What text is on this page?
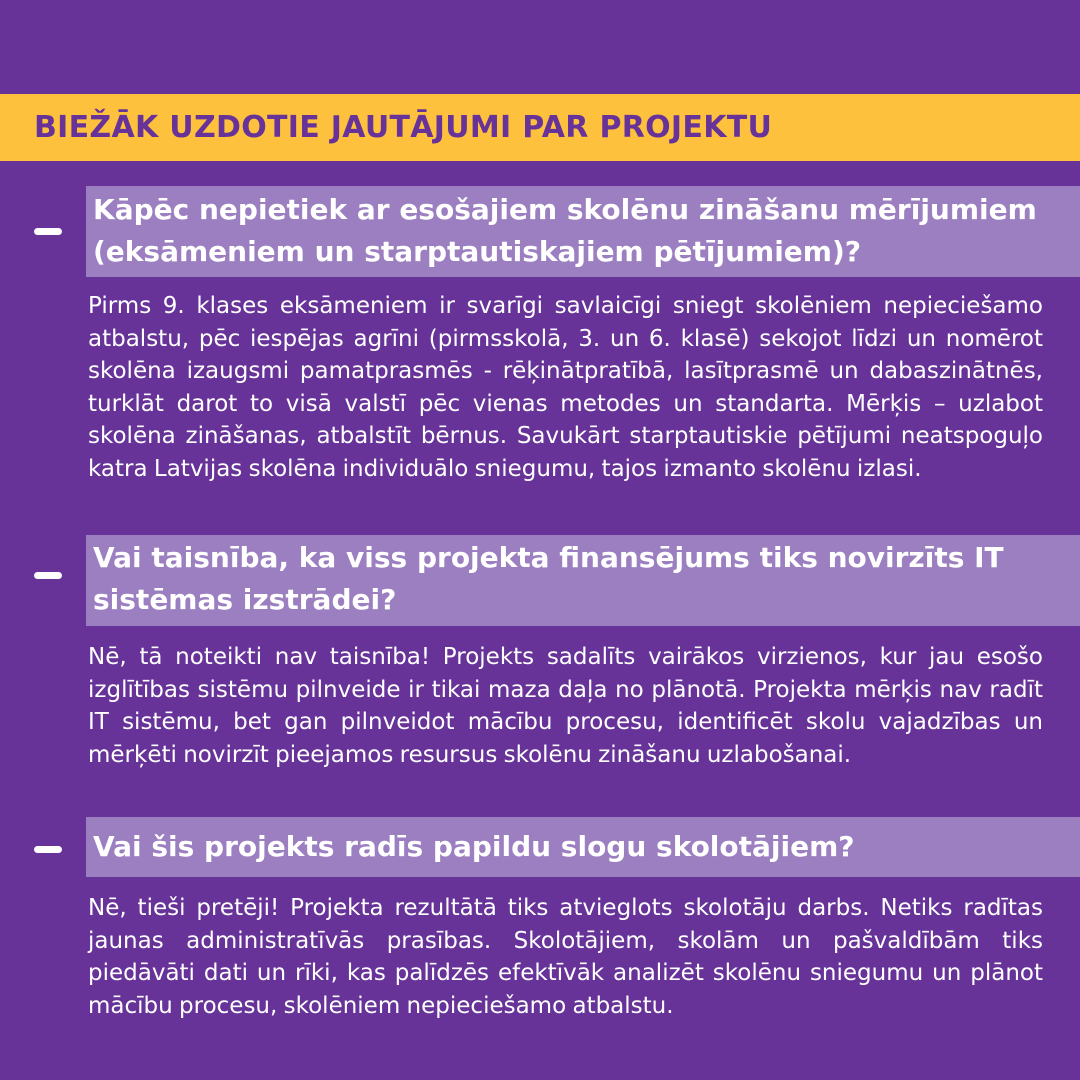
BIEŽĀK UZDOTIE JAUTĀJUMI PAR PROJEKTU

Kāpēc nepietiek ar esošajiem skolēnu zināšanu mērījumiem (eksāmeniem un starptautiskajiem pētījumiem)?

Pirms 9. klases eksāmeniem ir svarīgi savlaicīgi sniegt skolēniem nepieciešamo atbalstu, pēc iespējas agrīni (pirmsskolā, 3. un 6. klasē) sekojot līdzi un nomērot skolēna izaugsmi pamatprasmēs - rēķinātpratībā, lasītprasmē un dabaszinātnēs, turklāt darot to visā valstī pēc vienas metodes un standarta. Mērķis – uzlabot skolēna zināšanas, atbalstīt bērnus. Savukārt starptautiskie pētījumi neatspoguļo katra Latvijas skolēna individuālo sniegumu, tajos izmanto skolēnu izlasi.

Vai taisnība, ka viss projekta finansējums tiks novirzīts IT sistēmas izstrādei?

Nē, tā noteikti nav taisnība! Projekts sadalīts vairākos virzienos, kur jau esošo izglītības sistēmu pilnveide ir tikai maza daļa no plānotā. Projekta mērķis nav radīt IT sistēmu, bet gan pilnveidot mācību procesu, identificēt skolu vajadzības un mērķēti novirzīt pieejamos resursus skolēnu zināšanu uzlabošanai.

Vai šis projekts radīs papildu slogu skolotājiem?

Nē, tieši pretēji! Projekta rezultātā tiks atvieglots skolotāju darbs. Netiks radītas jaunas administratīvās prasības. Skolotājiem, skolām un pašvaldībām tiks piedāvāti dati un rīki, kas palīdzēs efektīvāk analizēt skolēnu sniegumu un plānot mācību procesu, skolēniem nepieciešamo atbalstu.
